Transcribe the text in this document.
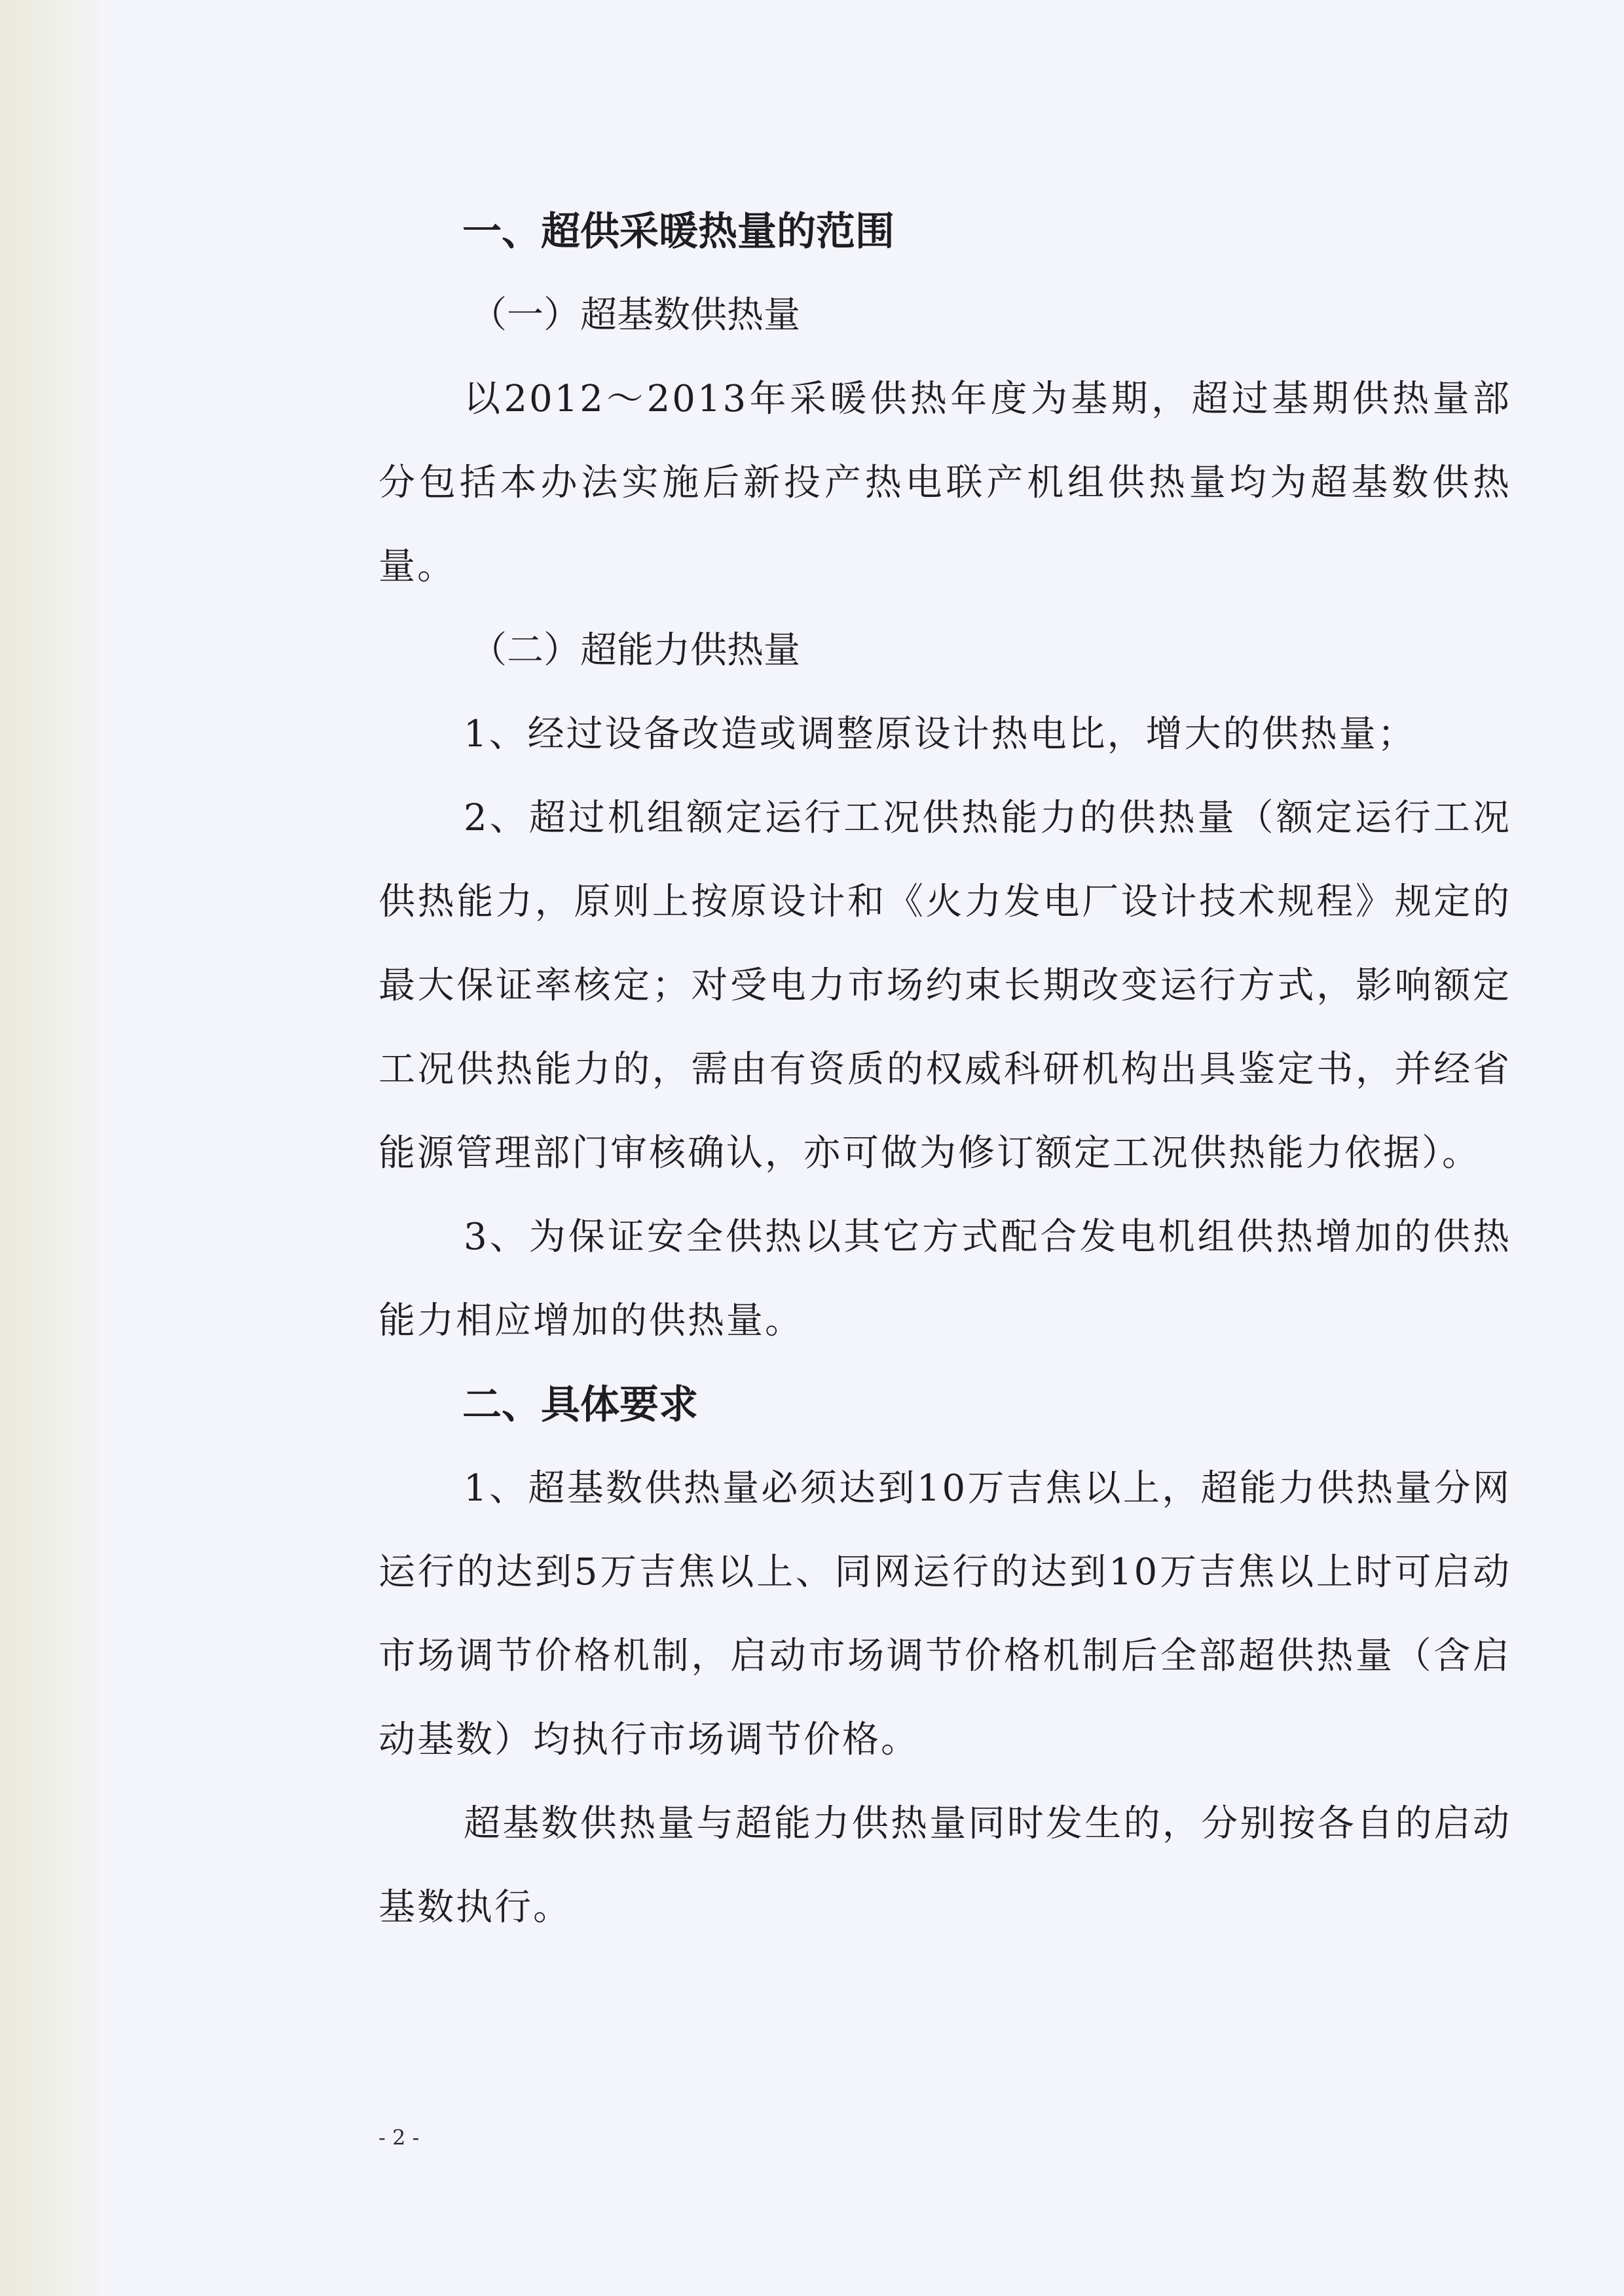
一、超供采暖热量的范围

（一）超基数供热量

以2012～2013年采暖供热年度为基期，超过基期供热量部分包括本办法实施后新投产热电联产机组供热量均为超基数供热量。

（二）超能力供热量

1、经过设备改造或调整原设计热电比，增大的供热量；

2、超过机组额定运行工况供热能力的供热量（额定运行工况供热能力，原则上按原设计和《火力发电厂设计技术规程》规定的最大保证率核定；对受电力市场约束长期改变运行方式，影响额定工况供热能力的，需由有资质的权威科研机构出具鉴定书，并经省能源管理部门审核确认，亦可做为修订额定工况供热能力依据）。

3、为保证安全供热以其它方式配合发电机组供热增加的供热能力相应增加的供热量。

二、具体要求

1、超基数供热量必须达到10万吉焦以上，超能力供热量分网运行的达到5万吉焦以上、同网运行的达到10万吉焦以上时可启动市场调节价格机制，启动市场调节价格机制后全部超供热量（含启动基数）均执行市场调节价格。

超基数供热量与超能力供热量同时发生的，分别按各自的启动基数执行。

- 2 -
